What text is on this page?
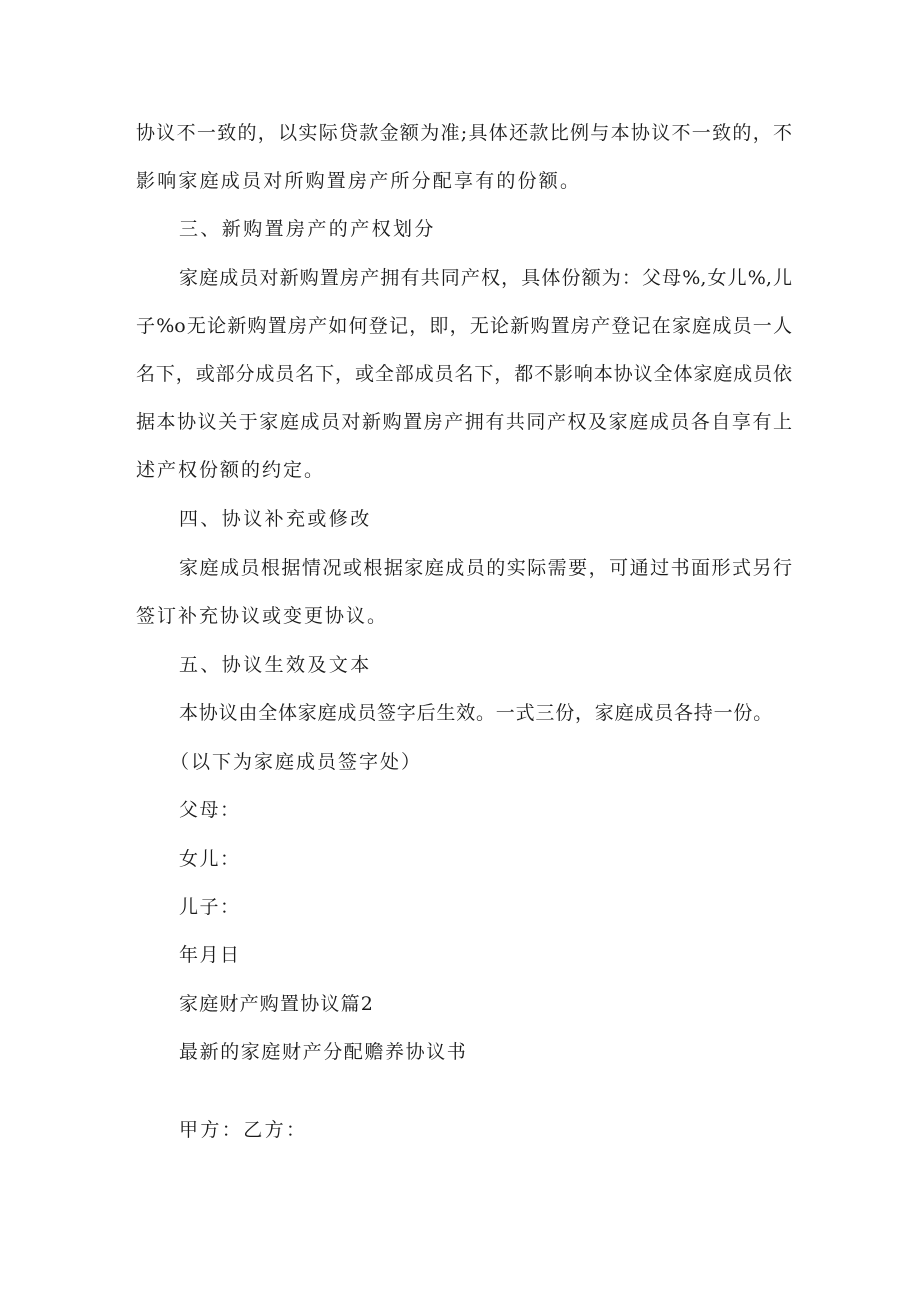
协议不一致的，以实际贷款金额为准;具体还款比例与本协议不一致的，不

影响家庭成员对所购置房产所分配享有的份额。

三、新购置房产的产权划分

家庭成员对新购置房产拥有共同产权，具体份额为：父母%,女儿%,儿

子%o无论新购置房产如何登记，即，无论新购置房产登记在家庭成员一人

名下，或部分成员名下，或全部成员名下，都不影响本协议全体家庭成员依

据本协议关于家庭成员对新购置房产拥有共同产权及家庭成员各自享有上

述产权份额的约定。

四、协议补充或修改

家庭成员根据情况或根据家庭成员的实际需要，可通过书面形式另行

签订补充协议或变更协议。

五、协议生效及文本

本协议由全体家庭成员签字后生效。一式三份，家庭成员各持一份。

（以下为家庭成员签字处）

父母：

女儿：

儿子：

年月日

家庭财产购置协议篇2

最新的家庭财产分配赡养协议书

甲方：乙方：
